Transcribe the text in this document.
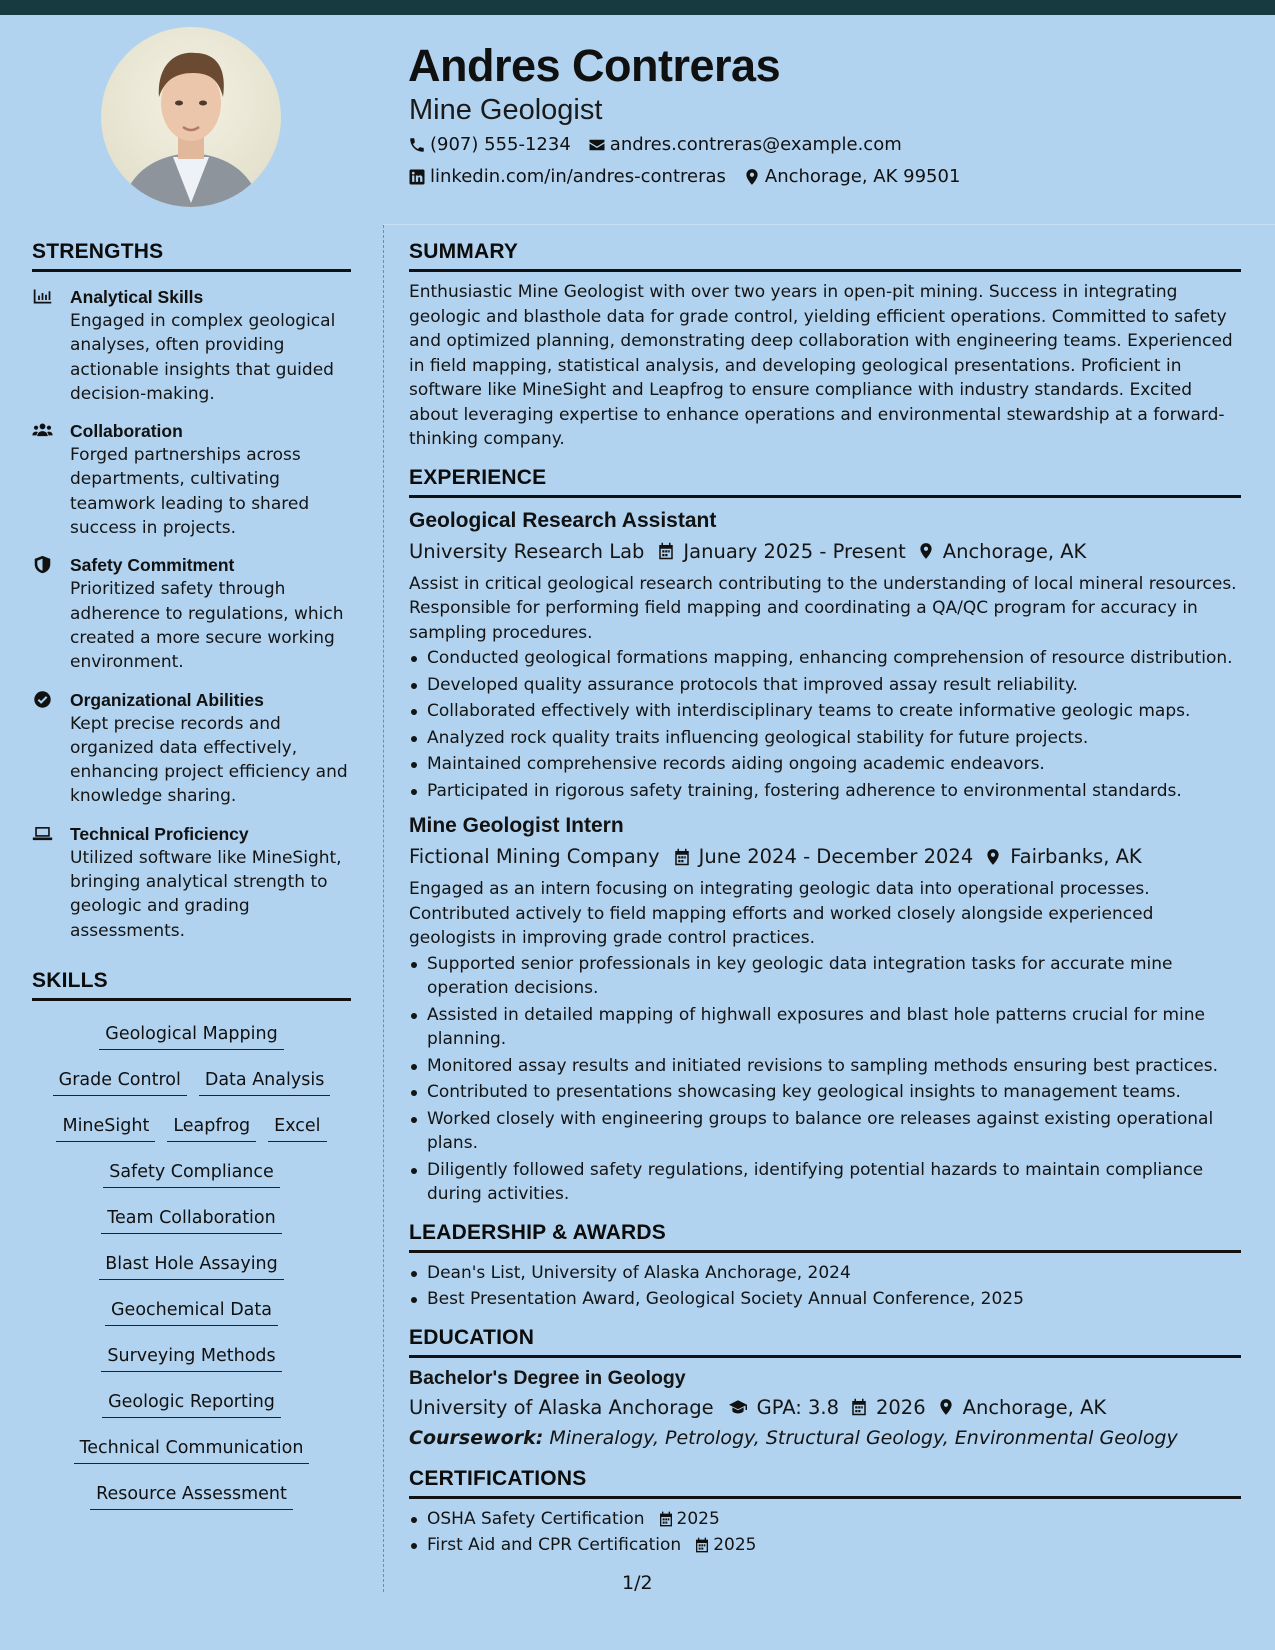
Andres Contreras
Mine Geologist
(907) 555-1234 andres.contreras@example.com
linkedin.com/in/andres-contreras Anchorage, AK 99501
STRENGTHS
Analytical Skills
Engaged in complex geological analyses, often providing actionable insights that guided decision-making.
Collaboration
Forged partnerships across departments, cultivating teamwork leading to shared success in projects.
Safety Commitment
Prioritized safety through adherence to regulations, which created a more secure working environment.
Organizational Abilities
Kept precise records and organized data effectively, enhancing project efficiency and knowledge sharing.
Technical Proficiency
Utilized software like MineSight, bringing analytical strength to geologic and grading assessments.
SKILLS
Geological Mapping
Grade Control	Data Analysis
MineSight	Leapfrog	Excel
Safety Compliance
Team Collaboration
Blast Hole Assaying
Geochemical Data
Surveying Methods
Geologic Reporting
Technical Communication
Resource Assessment
SUMMARY
Enthusiastic Mine Geologist with over two years in open-pit mining. Success in integrating geologic and blasthole data for grade control, yielding efficient operations. Committed to safety and optimized planning, demonstrating deep collaboration with engineering teams. Experienced in field mapping, statistical analysis, and developing geological presentations. Proficient in software like MineSight and Leapfrog to ensure compliance with industry standards. Excited about leveraging expertise to enhance operations and environmental stewardship at a forward-thinking company.
EXPERIENCE
Geological Research Assistant
University Research Lab January 2025 - Present Anchorage, AK
Assist in critical geological research contributing to the understanding of local mineral resources. Responsible for performing field mapping and coordinating a QA/QC program for accuracy in sampling procedures.
Conducted geological formations mapping, enhancing comprehension of resource distribution.
Developed quality assurance protocols that improved assay result reliability.
Collaborated effectively with interdisciplinary teams to create informative geologic maps.
Analyzed rock quality traits influencing geological stability for future projects.
Maintained comprehensive records aiding ongoing academic endeavors.
Participated in rigorous safety training, fostering adherence to environmental standards.
Mine Geologist Intern
Fictional Mining Company June 2024 - December 2024 Fairbanks, AK
Engaged as an intern focusing on integrating geologic data into operational processes. Contributed actively to field mapping efforts and worked closely alongside experienced geologists in improving grade control practices.
Supported senior professionals in key geologic data integration tasks for accurate mine operation decisions.
Assisted in detailed mapping of highwall exposures and blast hole patterns crucial for mine planning.
Monitored assay results and initiated revisions to sampling methods ensuring best practices.
Contributed to presentations showcasing key geological insights to management teams.
Worked closely with engineering groups to balance ore releases against existing operational plans.
Diligently followed safety regulations, identifying potential hazards to maintain compliance during activities.
LEADERSHIP & AWARDS
Dean's List, University of Alaska Anchorage, 2024
Best Presentation Award, Geological Society Annual Conference, 2025
EDUCATION
Bachelor's Degree in Geology
University of Alaska Anchorage GPA: 3.8 2026 Anchorage, AK
Coursework: Mineralogy, Petrology, Structural Geology, Environmental Geology
CERTIFICATIONS
OSHA Safety Certification 2025
First Aid and CPR Certification 2025
1/2
